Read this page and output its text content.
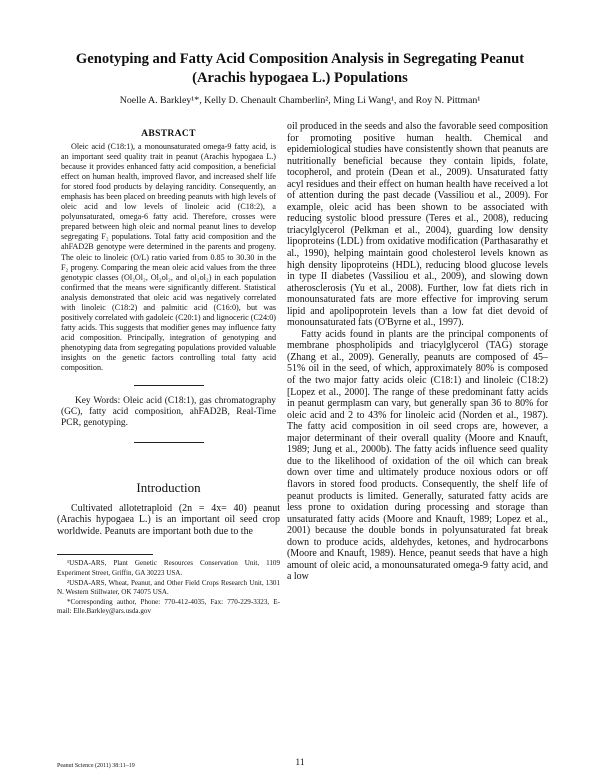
Genotyping and Fatty Acid Composition Analysis in Segregating Peanut
(Arachis hypogaea L.) Populations
Noelle A. Barkley¹*, Kelly D. Chenault Chamberlin², Ming Li Wang¹, and Roy N. Pittman¹
ABSTRACT

Oleic acid (C18:1), a monounsaturated omega-9 fatty acid, is an important seed quality trait in peanut (Arachis hypogaea L.) because it provides enhanced fatty acid composition, a beneficial effect on human health, improved flavor, and increased shelf life for stored food products by delaying rancidity. Consequently, an emphasis has been placed on breeding peanuts with high levels of oleic acid and low levels of linoleic acid (C18:2), a polyunsaturated, omega-6 fatty acid. Therefore, crosses were prepared between high oleic and normal peanut lines to develop segregating F₂ populations. Total fatty acid composition and the ahFAD2B genotype were determined in the parents and progeny. The oleic to linoleic (O/L) ratio varied from 0.85 to 30.30 in the F₂ progeny. Comparing the mean oleic acid values from the three genotypic classes (Ol₂Ol₂, Ol₂ol₂, and ol₂ol₂) in each population confirmed that the means were significantly different. Statistical analysis demonstrated that oleic acid was negatively correlated with linoleic (C18:2) and palmitic acid (C16:0), but was positively correlated with gadoleic (C20:1) and lignoceric (C24:0) fatty acids. This suggests that modifier genes may influence fatty acid composition. Principally, integration of genotyping and phenotyping data from segregating populations provided valuable insights on the genetic factors controlling total fatty acid composition.

Key Words: Oleic acid (C18:1), gas chromatography (GC), fatty acid composition, ahFAD2B, Real-Time PCR, genotyping.

Introduction

Cultivated allotetraploid (2n = 4x= 40) peanut (Arachis hypogaea L.) is an important oil seed crop worldwide. Peanuts are important both due to the

¹USDA-ARS, Plant Genetic Resources Conservation Unit, 1109 Experiment Street, Griffin, GA 30223 USA.

²USDA-ARS, Wheat, Peanut, and Other Field Crops Research Unit, 1301 N. Western Stillwater, OK 74075 USA.

*Corresponding author, Phone: 770-412-4035, Fax: 770-229-3323, E-mail: Elle.Barkley@ars.usda.gov

oil produced in the seeds and also the favorable seed composition for promoting positive human health. Chemical and epidemiological studies have consistently shown that peanuts are nutritionally beneficial because they contain lipids, folate, tocopherol, and protein (Dean et al., 2009). Unsaturated fatty acyl residues and their effect on human health have received a lot of attention during the past decade (Vassiliou et al., 2009). For example, oleic acid has been shown to be associated with reducing systolic blood pressure (Teres et al., 2008), reducing triacylglycerol (Pelkman et al., 2004), guarding low density lipoproteins (LDL) from oxidative modification (Parthasarathy et al., 1990), helping maintain good cholesterol levels known as high density lipoproteins (HDL), reducing blood glucose levels in type II diabetes (Vassiliou et al., 2009), and slowing down atherosclerosis (Yu et al., 2008). Further, low fat diets rich in monounsaturated fats are more effective for improving serum lipid and apolipoprotein levels than a low fat diet devoid of monounsaturated fats (O'Byrne et al., 1997).

Fatty acids found in plants are the principal components of membrane phospholipids and triacylglycerol (TAG) storage (Zhang et al., 2009). Generally, peanuts are composed of 45–51% oil in the seed, of which, approximately 80% is composed of the two major fatty acids oleic (C18:1) and linoleic (C18:2) [Lopez et al., 2000]. The range of these predominant fatty acids in peanut germplasm can vary, but generally span 36 to 80% for oleic acid and 2 to 43% for linoleic acid (Norden et al., 1987). The fatty acid composition in oil seed crops are, however, a major determinant of their overall quality (Moore and Knauft, 1989; Jung et al., 2000b). The fatty acids influence seed quality due to the likelihood of oxidation of the oil which can break down over time and ultimately produce noxious odors or off flavors in stored food products. Consequently, the shelf life of peanut products is limited. Generally, saturated fatty acids are less prone to oxidation during processing and storage than unsaturated fatty acids (Moore and Knauft, 1989; Lopez et al., 2001) because the double bonds in polyunsaturated fat break down to produce acids, aldehydes, ketones, and hydrocarbons (Moore and Knauft, 1989). Hence, peanut seeds that have a high amount of oleic acid, a monounsaturated omega-9 fatty acid, and a low

Peanut Science (2011) 38:11–19	11
